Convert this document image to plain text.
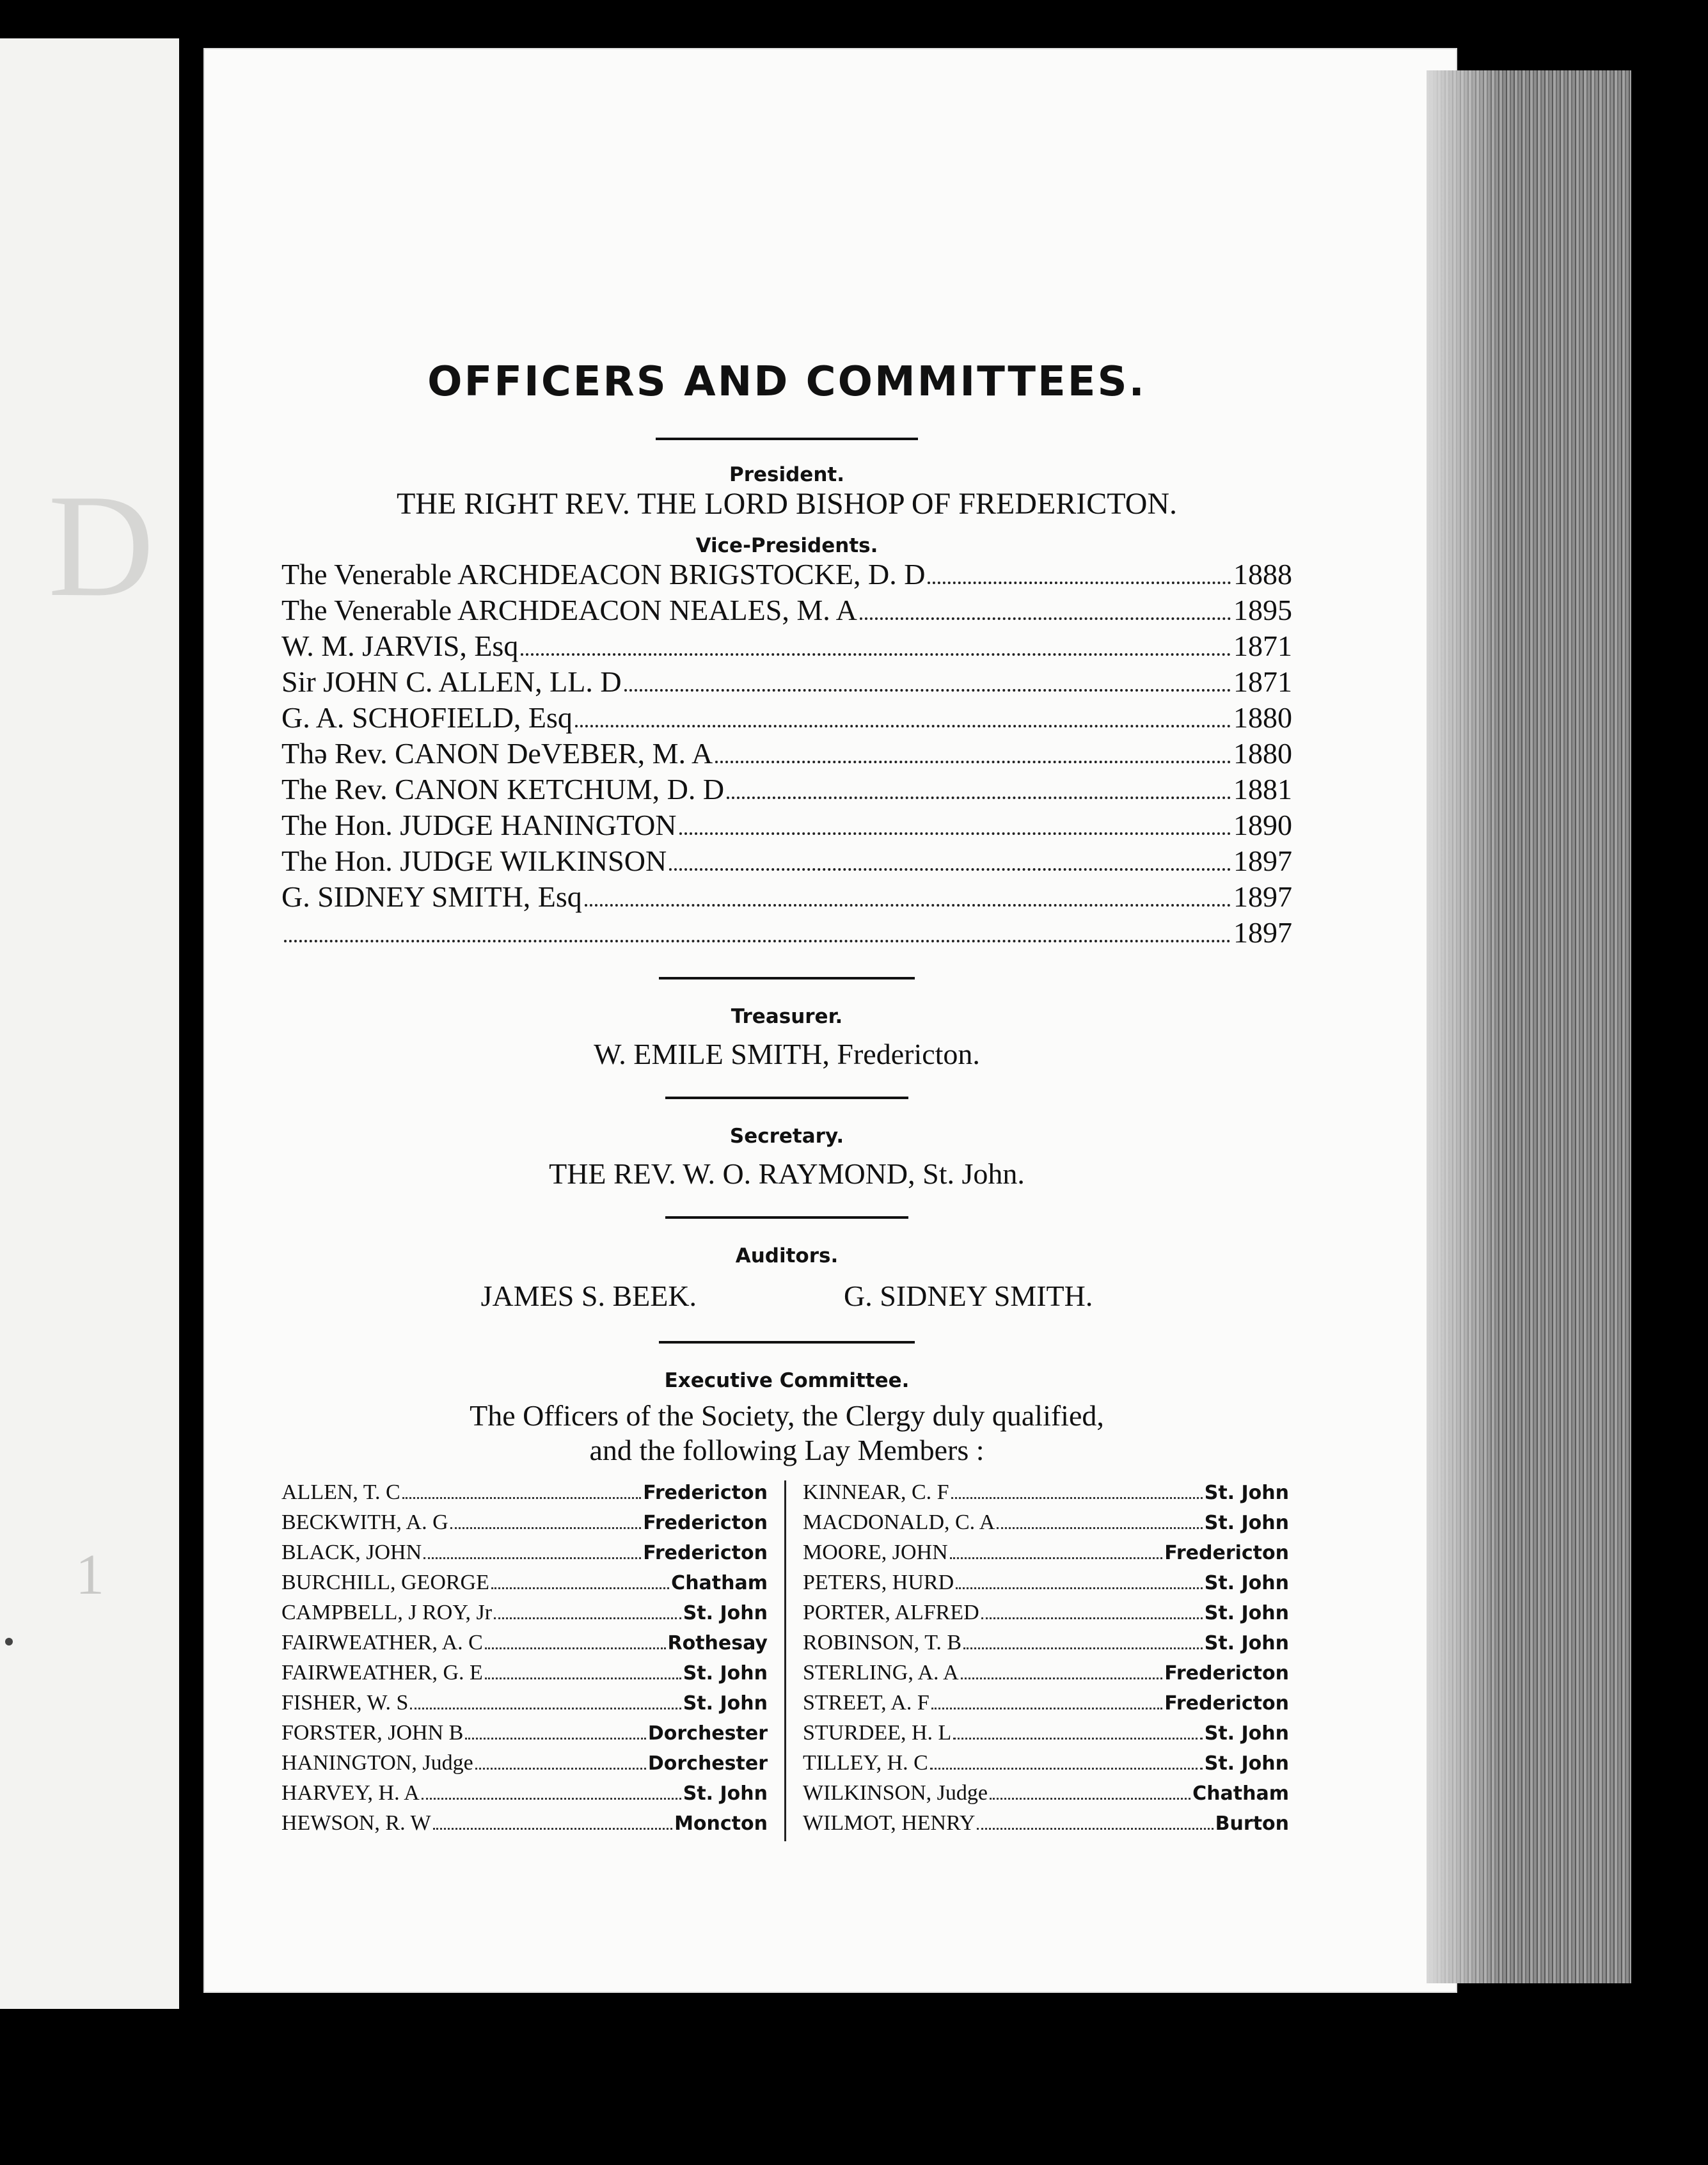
D
1
OFFICERS AND COMMITTEES.

President.

THE RIGHT REV. THE LORD BISHOP OF FREDERICTON.

Vice-Presidents.

The Venerable ARCHDEACON BRIGSTOCKE, D. D	1888
The Venerable ARCHDEACON NEALES, M. A	1895
W. M. JARVIS, Esq	1871
Sir JOHN C. ALLEN, LL. D	1871
G. A. SCHOFIELD, Esq	1880
Thə Rev. CANON DeVEBER, M. A	1880
The Rev. CANON KETCHUM, D. D	1881
The Hon. JUDGE HANINGTON	1890
The Hon. JUDGE WILKINSON	1897
G. SIDNEY SMITH, Esq	1897
1897

Treasurer.

W. EMILE SMITH, Fredericton.

Secretary.

THE REV. W. O. RAYMOND, St. John.

Auditors.

JAMES S. BEEK.	G. SIDNEY SMITH.

Executive Committee.

The Officers of the Society, the Clergy duly qualified,

and the following Lay Members :

ALLEN, T. C	Fredericton
BECKWITH, A. G	Fredericton
BLACK, JOHN	Fredericton
BURCHILL, GEORGE	Chatham
CAMPBELL, J ROY, Jr	St. John
FAIRWEATHER, A. C	Rothesay
FAIRWEATHER, G. E	St. John
FISHER, W. S	St. John
FORSTER, JOHN B	Dorchester
HANINGTON, Judge	Dorchester
HARVEY, H. A	St. John
HEWSON, R. W	Moncton
KINNEAR, C. F	St. John
MACDONALD, C. A	St. John
MOORE, JOHN	Fredericton
PETERS, HURD	St. John
PORTER, ALFRED	St. John
ROBINSON, T. B	St. John
STERLING, A. A	Fredericton
STREET, A. F	Fredericton
STURDEE, H. L	St. John
TILLEY, H. C	St. John
WILKINSON, Judge	Chatham
WILMOT, HENRY	Burton
